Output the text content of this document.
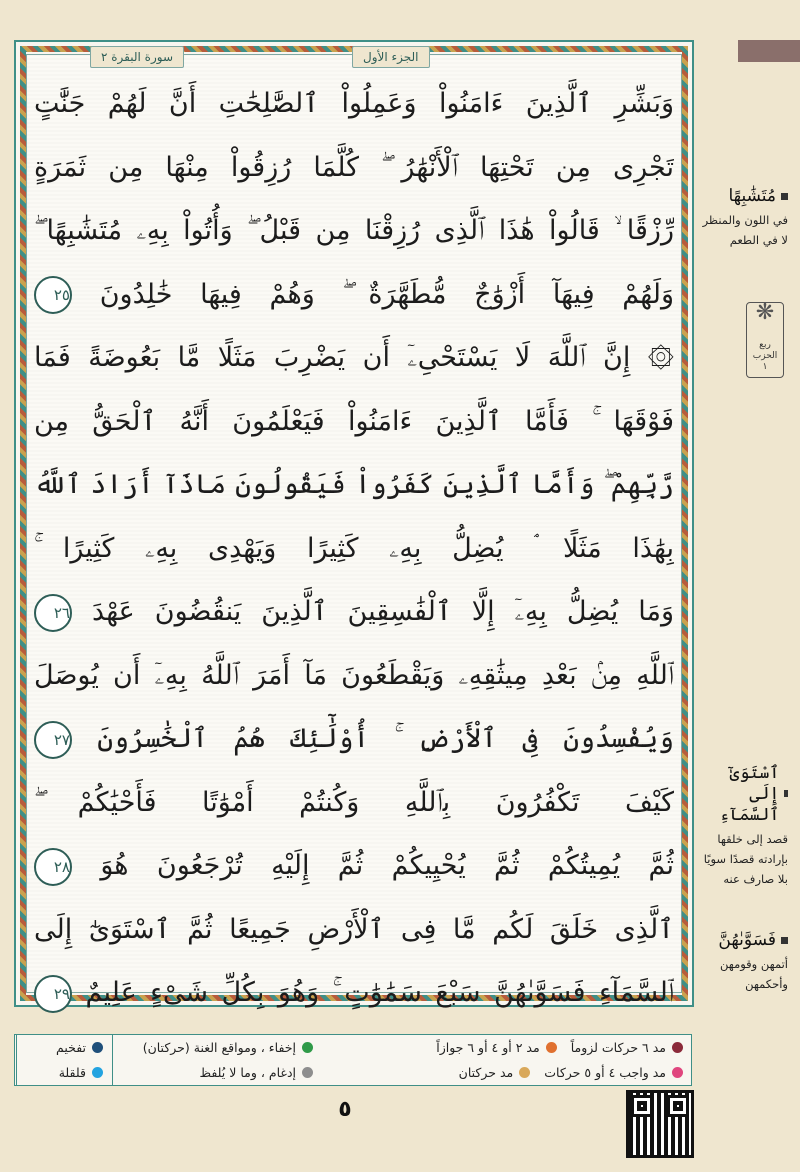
الجزء الأول
سورة البقرة ٢
وَبَشِّرِ ٱلَّذِينَ ءَامَنُواْ وَعَمِلُواْ ٱلصَّٰلِحَٰتِ أَنَّ لَهُمْ جَنَّٰتٍ
تَجْرِى مِن تَحْتِهَا ٱلْأَنْهَٰرُ ۖ كُلَّمَا رُزِقُواْ مِنْهَا مِن ثَمَرَةٍ
رِّزْقًا ۙ قَالُواْ هَٰذَا ٱلَّذِى رُزِقْنَا مِن قَبْلُ ۖ وَأُتُواْ بِهِۦ مُتَشَٰبِهًا ۖ
وَلَهُمْ فِيهَآ أَزْوَٰجٌ مُّطَهَّرَةٌ ۖ وَهُمْ فِيهَا خَٰلِدُونَ ٢٥
۞ إِنَّ ٱللَّهَ لَا يَسْتَحْىِۦٓ أَن يَضْرِبَ مَثَلًا مَّا بَعُوضَةً فَمَا
فَوْقَهَا ۚ فَأَمَّا ٱلَّذِينَ ءَامَنُواْ فَيَعْلَمُونَ أَنَّهُ ٱلْحَقُّ مِن
رَّبِّهِمْ ۖ وَأَمَّا ٱلَّذِينَ كَفَرُواْ فَيَقُولُونَ مَاذَآ أَرَادَ ٱللَّهُ
بِهَٰذَا مَثَلًا ۘ يُضِلُّ بِهِۦ كَثِيرًا وَيَهْدِى بِهِۦ كَثِيرًا ۚ
وَمَا يُضِلُّ بِهِۦٓ إِلَّا ٱلْفَٰسِقِينَ ٱلَّذِينَ يَنقُضُونَ عَهْدَ ٢٦
ٱللَّهِ مِنۢ بَعْدِ مِيثَٰقِهِۦ وَيَقْطَعُونَ مَآ أَمَرَ ٱللَّهُ بِهِۦٓ أَن يُوصَلَ
وَيُفْسِدُونَ فِى ٱلْأَرْضِ ۚ أُوْلَٰٓئِكَ هُمُ ٱلْخَٰسِرُونَ ٢٧
كَيْفَ تَكْفُرُونَ بِٱللَّهِ وَكُنتُمْ أَمْوَٰتًا فَأَحْيَٰكُمْ ۖ
ثُمَّ يُمِيتُكُمْ ثُمَّ يُحْيِيكُمْ ثُمَّ إِلَيْهِ تُرْجَعُونَ هُوَ ٢٨
ٱلَّذِى خَلَقَ لَكُم مَّا فِى ٱلْأَرْضِ جَمِيعًا ثُمَّ ٱسْتَوَىٰٓ إِلَى
ٱلسَّمَآءِ فَسَوَّىٰهُنَّ سَبْعَ سَمَٰوَٰتٍ ۚ وَهُوَ بِكُلِّ شَىْءٍ عَلِيمٌ ٢٩
مُتَشَٰبِهًا
في اللون والمنظر لا في الطعم
❋ ربع
الحزب
١
ٱسْتَوَىٰٓ إِلَى ٱلسَّمَآءِ
قصد إلى خلقها بإرادته قصدًا سويًا بلا صارف عنه
فَسَوَّىٰهُنَّ
أتمهن وقومهن وأحكمهن
مد ٦ حركات لزوماً
مد ٢ أو ٤ أو ٦ جوازاً
مد واجب ٤ أو ٥ حركات
مد حركتان
إخفاء ، ومواقع الغنة (حركتان)
إدغام ، وما لا يُلفظ
تفخيم
قلقلة
٥
